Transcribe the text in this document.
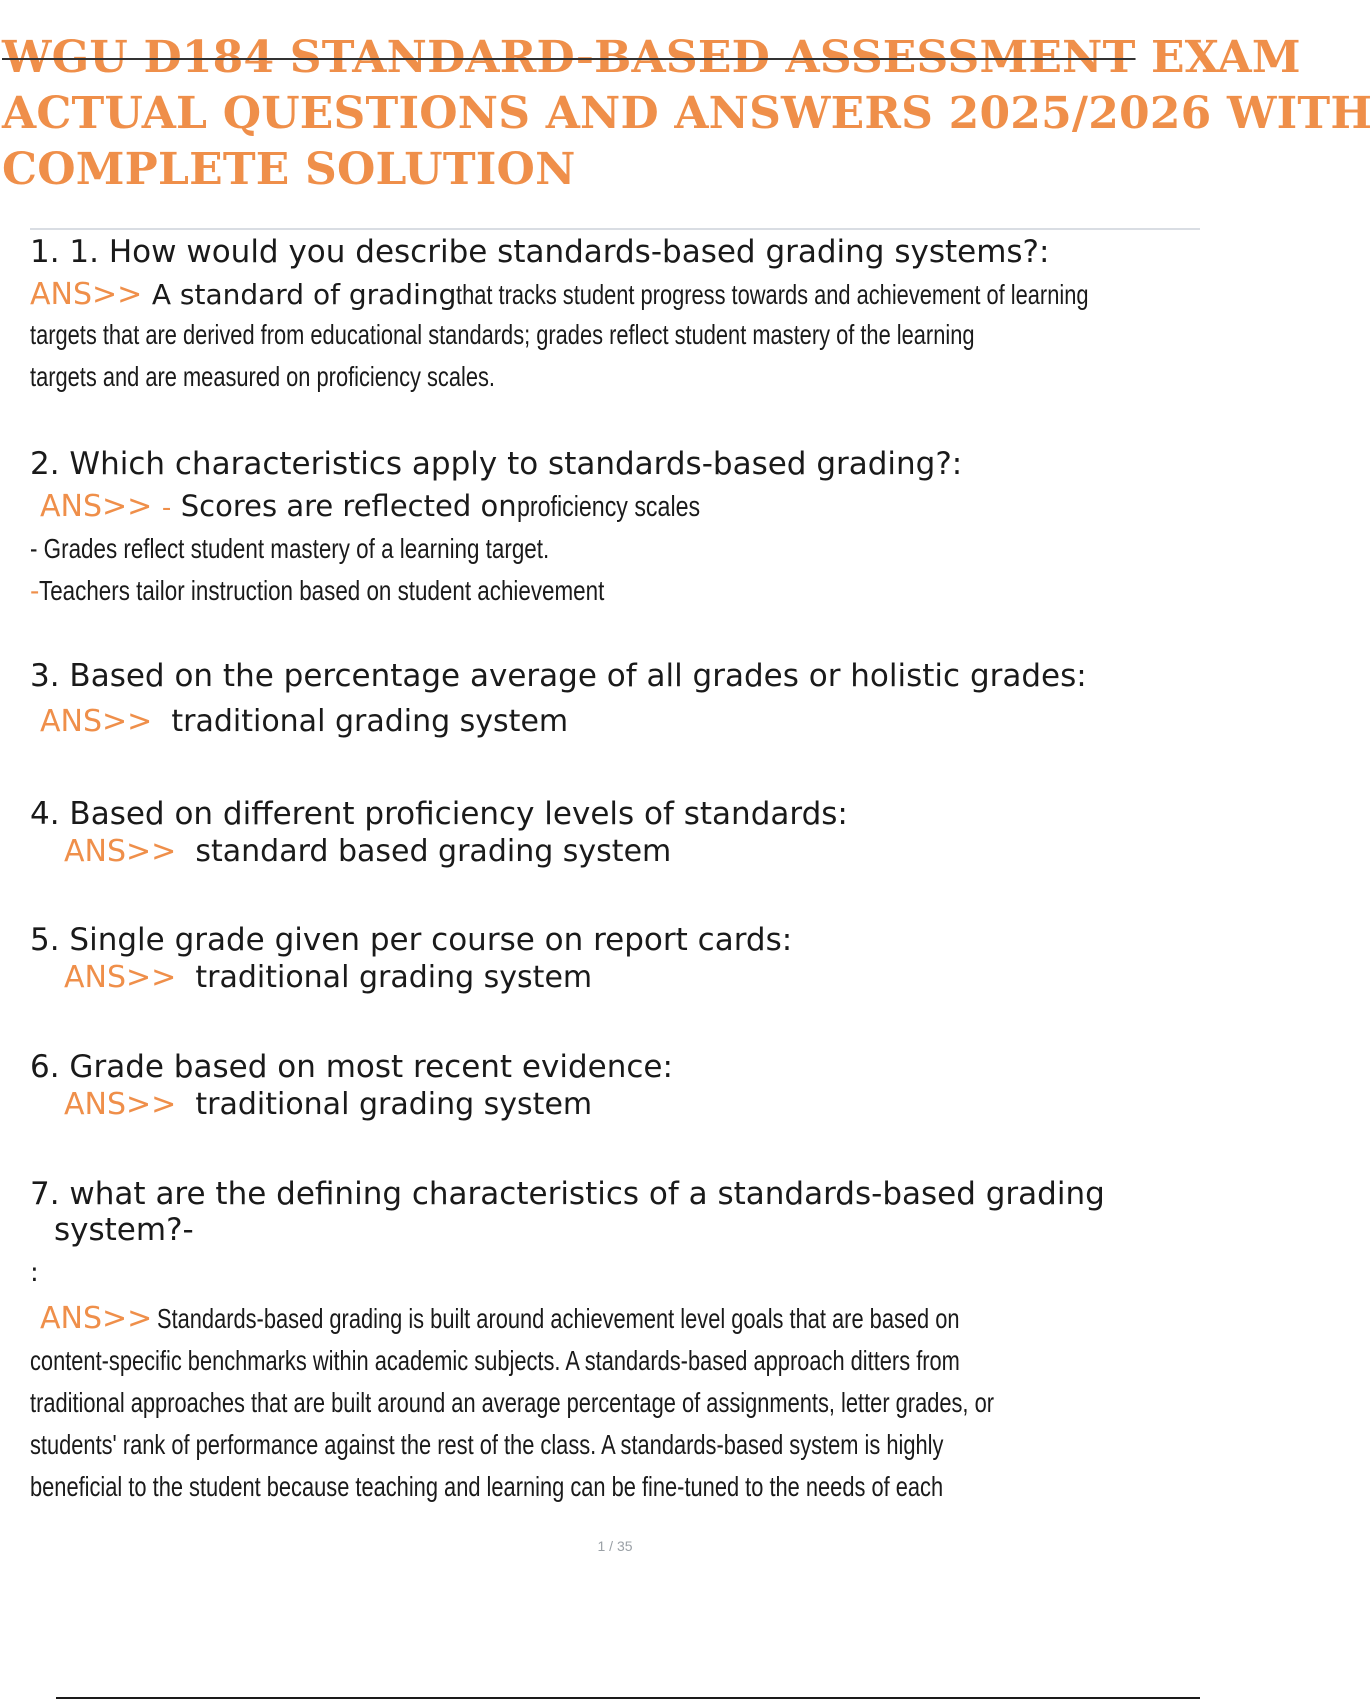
WGU D184 STANDARD-BASED ASSESSMENT EXAM
ACTUAL QUESTIONS AND ANSWERS 2025/2026 WITH
COMPLETE SOLUTION
1. 1. How would you describe standards-based grading systems?:
ANS>> A standard of gradingthat tracks student progress towards and achievement of learning
targets that are derived from educational standards; grades reflect student mastery of the learning
targets and are measured on proficiency scales.
2. Which characteristics apply to standards-based grading?:
ANS>> - Scores are reflected onproficiency scales
- Grades reflect student mastery of a learning target.
-Teachers tailor instruction based on student achievement
3. Based on the percentage average of all grades or holistic grades:
ANS>> traditional grading system
4. Based on different proficiency levels of standards:
ANS>> standard based grading system
5. Single grade given per course on report cards:
ANS>> traditional grading system
6. Grade based on most recent evidence:
ANS>> traditional grading system
7. what are the defining characteristics of a standards-based grading
system?-
:
ANS>> Standards-based grading is built around achievement level goals that are based on
content-specific benchmarks within academic subjects. A standards-based approach ditters from
traditional approaches that are built around an average percentage of assignments, letter grades, or
students' rank of performance against the rest of the class. A standards-based system is highly
beneficial to the student because teaching and learning can be fine-tuned to the needs of each
1 / 35
